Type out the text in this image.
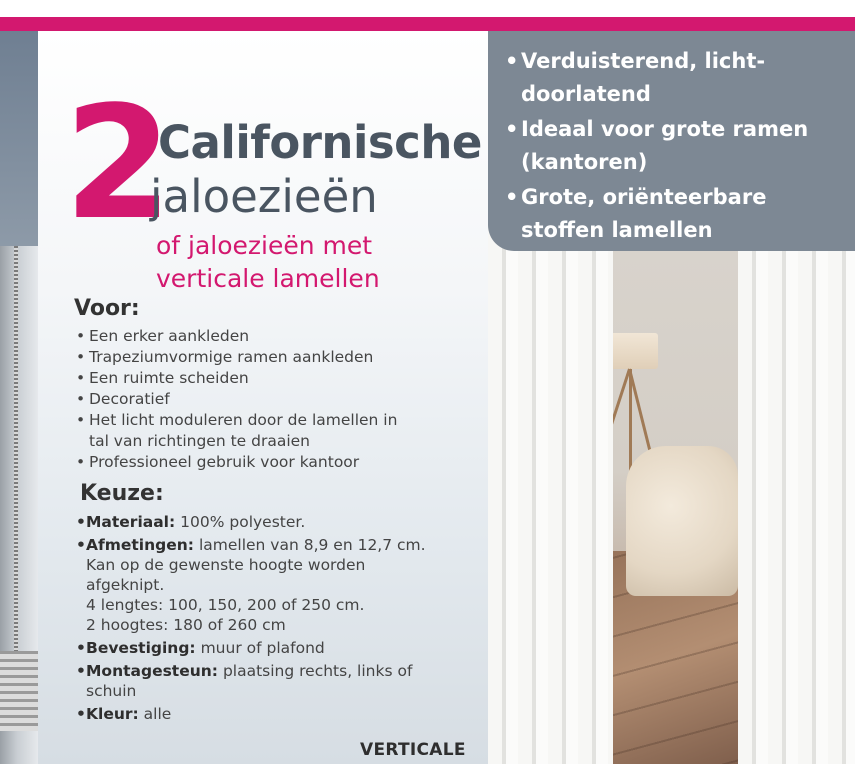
• Verduisterend, licht-
doorlatend
• Ideaal voor grote ramen
(kantoren)
• Grote, oriënteerbare
stoffen lamellen
2
Californische
jaloezieën
of jaloezieën met
verticale lamellen
Voor:
• Een erker aankleden
• Trapeziumvormige ramen aankleden
• Een ruimte scheiden
• Decoratief
• Het licht moduleren door de lamellen in
tal van richtingen te draaien
• Professioneel gebruik voor kantoor
Keuze:
• Materiaal: 100% polyester.
• Afmetingen: lamellen van 8,9 en 12,7 cm.
Kan op de gewenste hoogte worden
afgeknipt.
4 lengtes: 100, 150, 200 of 250 cm.
2 hoogtes: 180 of 260 cm
• Bevestiging: muur of plafond
• Montagesteun: plaatsing rechts, links of
schuin
• Kleur: alle
VERTICALE
